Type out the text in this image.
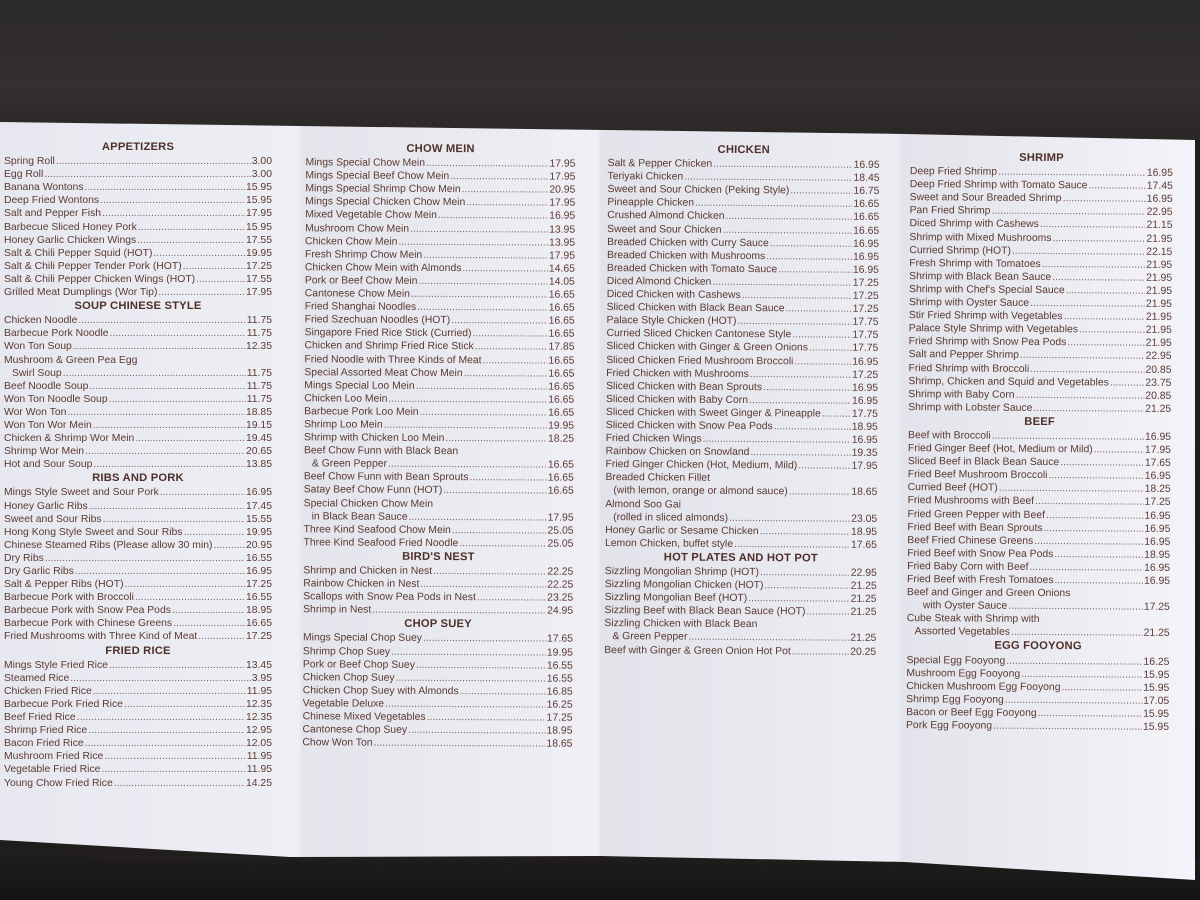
APPETIZERS
Spring Roll .....	3.00
Egg Roll .....	3.00
Banana Wontons .....	15.95
Deep Fried Wontons .....	15.95
Salt and Pepper Fish .....	17.95
Barbecue Sliced Honey Pork .....	15.95
Honey Garlic Chicken Wings .....	17.55
Salt & Chili Pepper Squid (HOT) .....	19.95
Salt & Chili Pepper Tender Pork (HOT) .....	17.25
Salt & Chili Pepper Chicken Wings (HOT) .....	17.55
Grilled Meat Dumplings (Wor Tip) .....	17.95
SOUP CHINESE STYLE
Chicken Noodle .....	11.75
Barbecue Pork Noodle .....	11.75
Won Ton Soup .....	12.35
Mushroom & Green Pea Egg
Swirl Soup .....	11.75
Beef Noodle Soup .....	11.75
Won Ton Noodle Soup .....	11.75
Wor Won Ton .....	18.85
Won Ton Wor Mein .....	19.15
Chicken & Shrimp Wor Mein .....	19.45
Shrimp Wor Mein .....	20.65
Hot and Sour Soup .....	13.85
RIBS AND PORK
Mings Style Sweet and Sour Pork .....	16.95
Honey Garlic Ribs .....	17.45
Sweet and Sour Ribs .....	15.55
Hong Kong Style Sweet and Sour Ribs .....	19.95
Chinese Steamed Ribs (Please allow 30 min) .....	20.95
Dry Ribs .....	16.55
Dry Garlic Ribs .....	16.95
Salt & Pepper Ribs (HOT) .....	17.25
Barbecue Pork with Broccoli .....	16.55
Barbecue Pork with Snow Pea Pods .....	18.95
Barbecue Pork with Chinese Greens .....	16.65
Fried Mushrooms with Three Kind of Meat .....	17.25
FRIED RICE
Mings Style Fried Rice .....	13.45
Steamed Rice .....	3.95
Chicken Fried Rice .....	11.95
Barbecue Pork Fried Rice .....	12.35
Beef Fried Rice .....	12.35
Shrimp Fried Rice .....	12.95
Bacon Fried Rice .....	12.05
Mushroom Fried Rice .....	11.95
Vegetable Fried Rice .....	11.95
Young Chow Fried Rice .....	14.25
CHOW MEIN
Mings Special Chow Mein .....	17.95
Mings Special Beef Chow Mein .....	17.95
Mings Special Shrimp Chow Mein .....	20.95
Mings Special Chicken Chow Mein .....	17.95
Mixed Vegetable Chow Mein .....	16.95
Mushroom Chow Mein .....	13.95
Chicken Chow Mein .....	13.95
Fresh Shrimp Chow Mein .....	17.95
Chicken Chow Mein with Almonds .....	14.65
Pork or Beef Chow Mein .....	14.05
Cantonese Chow Mein .....	16.65
Fried Shanghai Noodles .....	16.65
Fried Szechuan Noodles (HOT) .....	16.65
Singapore Fried Rice Stick (Curried) .....	16.65
Chicken and Shrimp Fried Rice Stick .....	17.85
Fried Noodle with Three Kinds of Meat .....	16.65
Special Assorted Meat Chow Mein .....	16.65
Mings Special Loo Mein .....	16.65
Chicken Loo Mein .....	16.65
Barbecue Pork Loo Mein .....	16.65
Shrimp Loo Mein .....	19.95
Shrimp with Chicken Loo Mein .....	18.25
Beef Chow Funn with Black Bean
& Green Pepper .....	16.65
Beef Chow Funn with Bean Sprouts .....	16.65
Satay Beef Chow Funn (HOT) .....	16.65
Special Chicken Chow Mein
in Black Bean Sauce .....	17.95
Three Kind Seafood Chow Mein .....	25.05
Three Kind Seafood Fried Noodle .....	25.05
BIRD'S NEST
Shrimp and Chicken in Nest .....	22.25
Rainbow Chicken in Nest .....	22.25
Scallops with Snow Pea Pods in Nest .....	23.25
Shrimp in Nest .....	24.95
CHOP SUEY
Mings Special Chop Suey .....	17.65
Shrimp Chop Suey .....	19.95
Pork or Beef Chop Suey .....	16.55
Chicken Chop Suey .....	16.55
Chicken Chop Suey with Almonds .....	16.85
Vegetable Deluxe .....	16.25
Chinese Mixed Vegetables .....	17.25
Cantonese Chop Suey .....	18.95
Chow Won Ton .....	18.65
CHICKEN
Salt & Pepper Chicken .....	16.95
Teriyaki Chicken .....	18.45
Sweet and Sour Chicken (Peking Style) .....	16.75
Pineapple Chicken .....	16.65
Crushed Almond Chicken .....	16.65
Sweet and Sour Chicken .....	16.65
Breaded Chicken with Curry Sauce .....	16.95
Breaded Chicken with Mushrooms .....	16.95
Breaded Chicken with Tomato Sauce .....	16.95
Diced Almond Chicken .....	17.25
Diced Chicken with Cashews .....	17.25
Sliced Chicken with Black Bean Sauce .....	17.25
Palace Style Chicken (HOT) .....	17.75
Curried Sliced Chicken Cantonese Style .....	17.75
Sliced Chicken with Ginger & Green Onions .....	17.75
Sliced Chicken Fried Mushroom Broccoli .....	16.95
Fried Chicken with Mushrooms .....	17.25
Sliced Chicken with Bean Sprouts .....	16.95
Sliced Chicken with Baby Corn .....	16.95
Sliced Chicken with Sweet Ginger & Pineapple .....	17.75
Sliced Chicken with Snow Pea Pods .....	18.95
Fried Chicken Wings .....	16.95
Rainbow Chicken on Snowland .....	19.35
Fried Ginger Chicken (Hot, Medium, Mild) .....	17.95
Breaded Chicken Fillet
(with lemon, orange or almond sauce) .....	18.65
Almond Soo Gai
(rolled in sliced almonds) .....	23.05
Honey Garlic or Sesame Chicken .....	18.95
Lemon Chicken, buffet style .....	17.65
HOT PLATES AND HOT POT
Sizzling Mongolian Shrimp (HOT) .....	22.95
Sizzling Mongolian Chicken (HOT) .....	21.25
Sizzling Mongolian Beef (HOT) .....	21.25
Sizzling Beef with Black Bean Sauce (HOT) .....	21.25
Sizzling Chicken with Black Bean
& Green Pepper .....	21.25
Beef with Ginger & Green Onion Hot Pot .....	20.25
SHRIMP
Deep Fried Shrimp .....	16.95
Deep Fried Shrimp with Tomato Sauce .....	17.45
Sweet and Sour Breaded Shrimp .....	16.95
Pan Fried Shrimp .....	22.95
Diced Shrimp with Cashews .....	21.15
Shrimp with Mixed Mushrooms .....	21.95
Curried Shrimp (HOT) .....	22.15
Fresh Shrimp with Tomatoes .....	21.95
Shrimp with Black Bean Sauce .....	21.95
Shrimp with Chef's Special Sauce .....	21.95
Shrimp with Oyster Sauce .....	21.95
Stir Fried Shrimp with Vegetables .....	21.95
Palace Style Shrimp with Vegetables .....	21.95
Fried Shrimp with Snow Pea Pods .....	21.95
Salt and Pepper Shrimp .....	22.95
Fried Shrimp with Broccoli .....	20.85
Shrimp, Chicken and Squid and Vegetables .....	23.75
Shrimp with Baby Corn .....	20.85
Shrimp with Lobster Sauce .....	21.25
BEEF
Beef with Broccoli .....	16.95
Fried Ginger Beef (Hot, Medium or Mild) .....	17.95
Sliced Beef in Black Bean Sauce .....	17.65
Fried Beef Mushroom Broccoli .....	16.95
Curried Beef (HOT) .....	18.25
Fried Mushrooms with Beef .....	17.25
Fried Green Pepper with Beef .....	16.95
Fried Beef with Bean Sprouts .....	16.95
Beef Fried Chinese Greens .....	16.95
Fried Beef with Snow Pea Pods .....	18.95
Fried Baby Corn with Beef .....	16.95
Fried Beef with Fresh Tomatoes .....	16.95
Beef and Ginger and Green Onions
with Oyster Sauce .....	17.25
Cube Steak with Shrimp with
Assorted Vegetables .....	21.25
EGG FOOYONG
Special Egg Fooyong .....	16.25
Mushroom Egg Fooyong .....	15.95
Chicken Mushroom Egg Fooyong .....	15.95
Shrimp Egg Fooyong .....	17.05
Bacon or Beef Egg Fooyong .....	15.95
Pork Egg Fooyong .....	15.95
